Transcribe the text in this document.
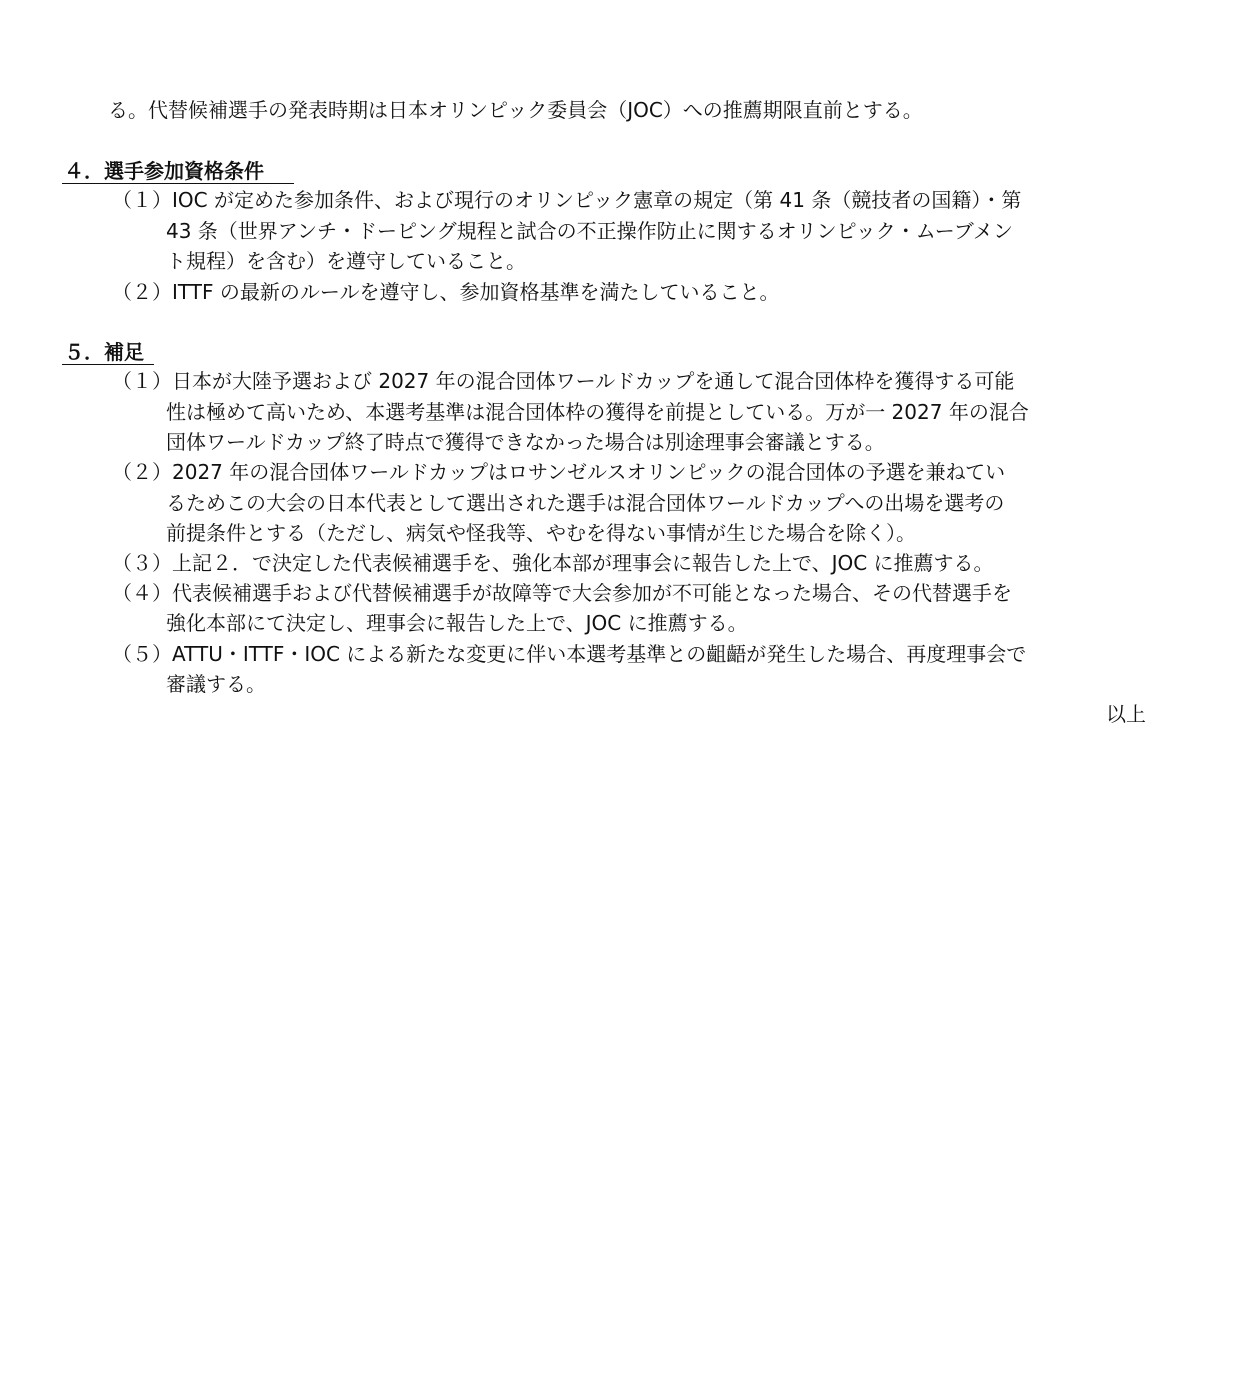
る。代替候補選手の発表時期は日本オリンピック委員会（JOC）への推薦期限直前とする。
４．選手参加資格条件
（１）IOC が定めた参加条件、および現行のオリンピック憲章の規定（第 41 条（競技者の国籍）・第
43 条（世界アンチ・ドーピング規程と試合の不正操作防止に関するオリンピック・ムーブメン
ト規程）を含む）を遵守していること。
（２）ITTF の最新のルールを遵守し、参加資格基準を満たしていること。
５．補足
（１）日本が大陸予選および 2027 年の混合団体ワールドカップを通して混合団体枠を獲得する可能
性は極めて高いため、本選考基準は混合団体枠の獲得を前提としている。万が一 2027 年の混合
団体ワールドカップ終了時点で獲得できなかった場合は別途理事会審議とする。
（２）2027 年の混合団体ワールドカップはロサンゼルスオリンピックの混合団体の予選を兼ねてい
るためこの大会の日本代表として選出された選手は混合団体ワールドカップへの出場を選考の
前提条件とする（ただし、病気や怪我等、やむを得ない事情が生じた場合を除く）。
（３）上記２．で決定した代表候補選手を、強化本部が理事会に報告した上で、JOC に推薦する。
（４）代表候補選手および代替候補選手が故障等で大会参加が不可能となった場合、その代替選手を
強化本部にて決定し、理事会に報告した上で、JOC に推薦する。
（５）ATTU・ITTF・IOC による新たな変更に伴い本選考基準との齟齬が発生した場合、再度理事会で
審議する。
以上
